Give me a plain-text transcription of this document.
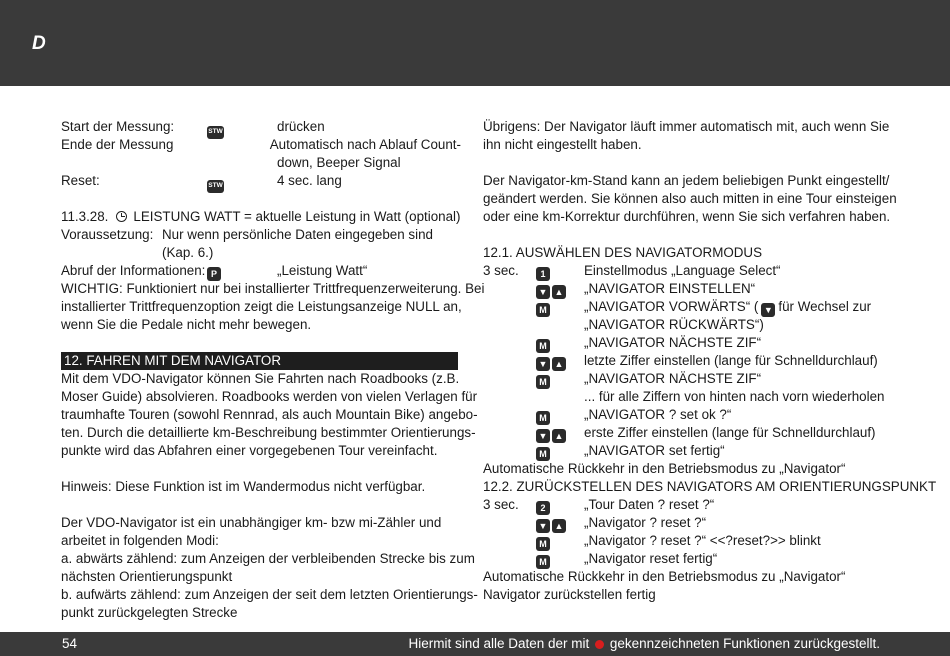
D
Start der Messung:	STW	drücken
Ende der Messung	Automatisch nach Ablauf Count-
down, Beeper Signal
Reset:	STW	4 sec. lang
11.3.28. LEISTUNG WATT = aktuelle Leistung in Watt (optional)
Voraussetzung: Nur wenn persönliche Daten eingegeben sind
(Kap. 6.)
Abruf der Informationen: P	„Leistung Watt“
WICHTIG: Funktioniert nur bei installierter Trittfrequenzerweiterung. Bei
installierter Trittfrequenzoption zeigt die Leistungsanzeige NULL an,
wenn Sie die Pedale nicht mehr bewegen.
12. FAHREN MIT DEM NAVIGATOR
Mit dem VDO-Navigator können Sie Fahrten nach Roadbooks (z.B.
Moser Guide) absolvieren. Roadbooks werden von vielen Verlagen für
traumhafte Touren (sowohl Rennrad, als auch Mountain Bike) angebo-
ten. Durch die detaillierte km-Beschreibung bestimmter Orientierungs-
punkte wird das Abfahren einer vorgegebenen Tour vereinfacht.
Hinweis: Diese Funktion ist im Wandermodus nicht verfügbar.
Der VDO-Navigator ist ein unabhängiger km- bzw mi-Zähler und
arbeitet in folgenden Modi:
a. abwärts zählend: zum Anzeigen der verbleibenden Strecke bis zum
nächsten Orientierungspunkt
b. aufwärts zählend: zum Anzeigen der seit dem letzten Orientierungs-
punkt zurückgelegten Strecke
Übrigens: Der Navigator läuft immer automatisch mit, auch wenn Sie
ihn nicht eingestellt haben.
Der Navigator-km-Stand kann an jedem beliebigen Punkt eingestellt/
geändert werden. Sie können also auch mitten in eine Tour einsteigen
oder eine km-Korrektur durchführen, wenn Sie sich verfahren haben.
12.1. AUSWÄHLEN DES NAVIGATORMODUS
3 sec.	1	Einstellmodus „Language Select“
▼ ▲	„NAVIGATOR EINSTELLEN“
M	„NAVIGATOR VORWÄRTS“ ( ▼ für Wechsel zur
„NAVIGATOR RÜCKWÄRTS“)
M	„NAVIGATOR NÄCHSTE ZIF“
▼ ▲	letzte Ziffer einstellen (lange für Schnelldurchlauf)
M	„NAVIGATOR NÄCHSTE ZIF“
... für alle Ziffern von hinten nach vorn wiederholen
M	„NAVIGATOR ? set ok ?“
▼ ▲	erste Ziffer einstellen (lange für Schnelldurchlauf)
M	„NAVIGATOR set fertig“
Automatische Rückkehr in den Betriebsmodus zu „Navigator“
12.2. ZURÜCKSTELLEN DES NAVIGATORS AM ORIENTIERUNGSPUNKT
3 sec.	2	„Tour Daten ? reset ?“
▼ ▲	„Navigator ? reset ?“
M	„Navigator ? reset ?“ <<?reset?>> blinkt
M	„Navigator reset fertig“
Automatische Rückkehr in den Betriebsmodus zu „Navigator“
Navigator zurückstellen fertig
54	Hiermit sind alle Daten der mit gekennzeichneten Funktionen zurückgestellt.
